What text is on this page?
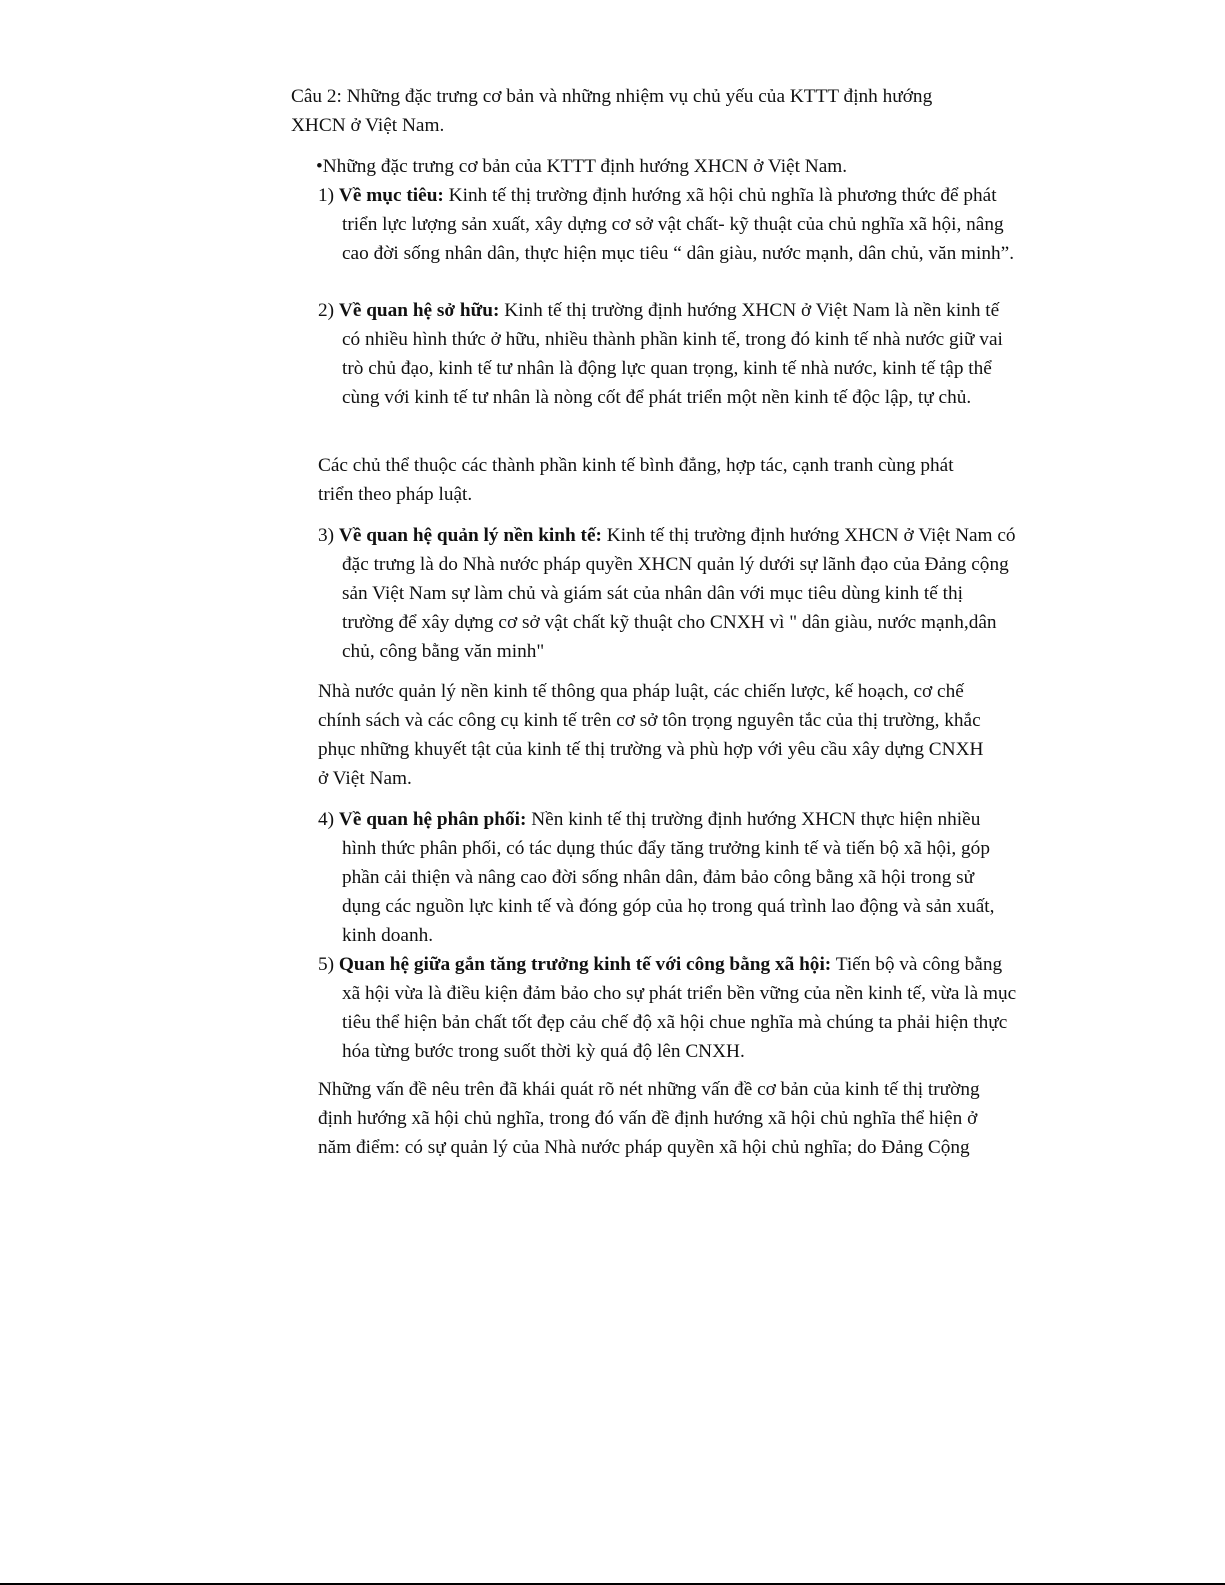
Câu 2: Những đặc trưng cơ bản và những nhiệm vụ chủ yếu của KTTT định hướng XHCN ở Việt Nam.

•Những đặc trưng cơ bản của KTTT định hướng XHCN ở Việt Nam.

1) Về mục tiêu: Kinh tế thị trường định hướng xã hội chủ nghĩa là phương thức để phát triển lực lượng sản xuất, xây dựng cơ sở vật chất- kỹ thuật của chủ nghĩa xã hội, nâng cao đời sống nhân dân, thực hiện mục tiêu “ dân giàu, nước mạnh, dân chủ, văn minh”.

2) Về quan hệ sở hữu: Kinh tế thị trường định hướng XHCN ở Việt Nam là nền kinh tế có nhiều hình thức ở hữu, nhiều thành phần kinh tế, trong đó kinh tế nhà nước giữ vai trò chủ đạo, kinh tế tư nhân là động lực quan trọng, kinh tế nhà nước, kinh tế tập thể cùng với kinh tế tư nhân là nòng cốt để phát triển một nền kinh tế độc lập, tự chủ.

Các chủ thể thuộc các thành phần kinh tế bình đẳng, hợp tác, cạnh tranh cùng phát triển theo pháp luật.

3) Về quan hệ quản lý nền kinh tế: Kinh tế thị trường định hướng XHCN ở Việt Nam có đặc trưng là do Nhà nước pháp quyền XHCN quản lý dưới sự lãnh đạo của Đảng cộng sản Việt Nam sự làm chủ và giám sát của nhân dân với mục tiêu dùng kinh tế thị trường để xây dựng cơ sở vật chất kỹ thuật cho CNXH vì " dân giàu, nước mạnh,dân chủ, công bằng văn minh"

Nhà nước quản lý nền kinh tế thông qua pháp luật, các chiến lược, kế hoạch, cơ chế chính sách và các công cụ kinh tế trên cơ sở tôn trọng nguyên tắc của thị trường, khắc phục những khuyết tật của kinh tế thị trường và phù hợp với yêu cầu xây dựng CNXH ở Việt Nam.

4) Về quan hệ phân phối: Nền kinh tế thị trường định hướng XHCN thực hiện nhiều hình thức phân phối, có tác dụng thúc đẩy tăng trưởng kinh tế và tiến bộ xã hội, góp phần cải thiện và nâng cao đời sống nhân dân, đảm bảo công bằng xã hội trong sử dụng các nguồn lực kinh tế và đóng góp của họ trong quá trình lao động và sản xuất, kinh doanh.

5) Quan hệ giữa gắn tăng trưởng kinh tế với công bằng xã hội: Tiến bộ và công bằng xã hội vừa là điều kiện đảm bảo cho sự phát triển bền vững của nền kinh tế, vừa là mục tiêu thể hiện bản chất tốt đẹp cảu chế độ xã hội chue nghĩa mà chúng ta phải hiện thực hóa từng bước trong suốt thời kỳ quá độ lên CNXH.

Những vấn đề nêu trên đã khái quát rõ nét những vấn đề cơ bản của kinh tế thị trường định hướng xã hội chủ nghĩa, trong đó vấn đề định hướng xã hội chủ nghĩa thể hiện ở năm điểm: có sự quản lý của Nhà nước pháp quyền xã hội chủ nghĩa; do Đảng Cộng
